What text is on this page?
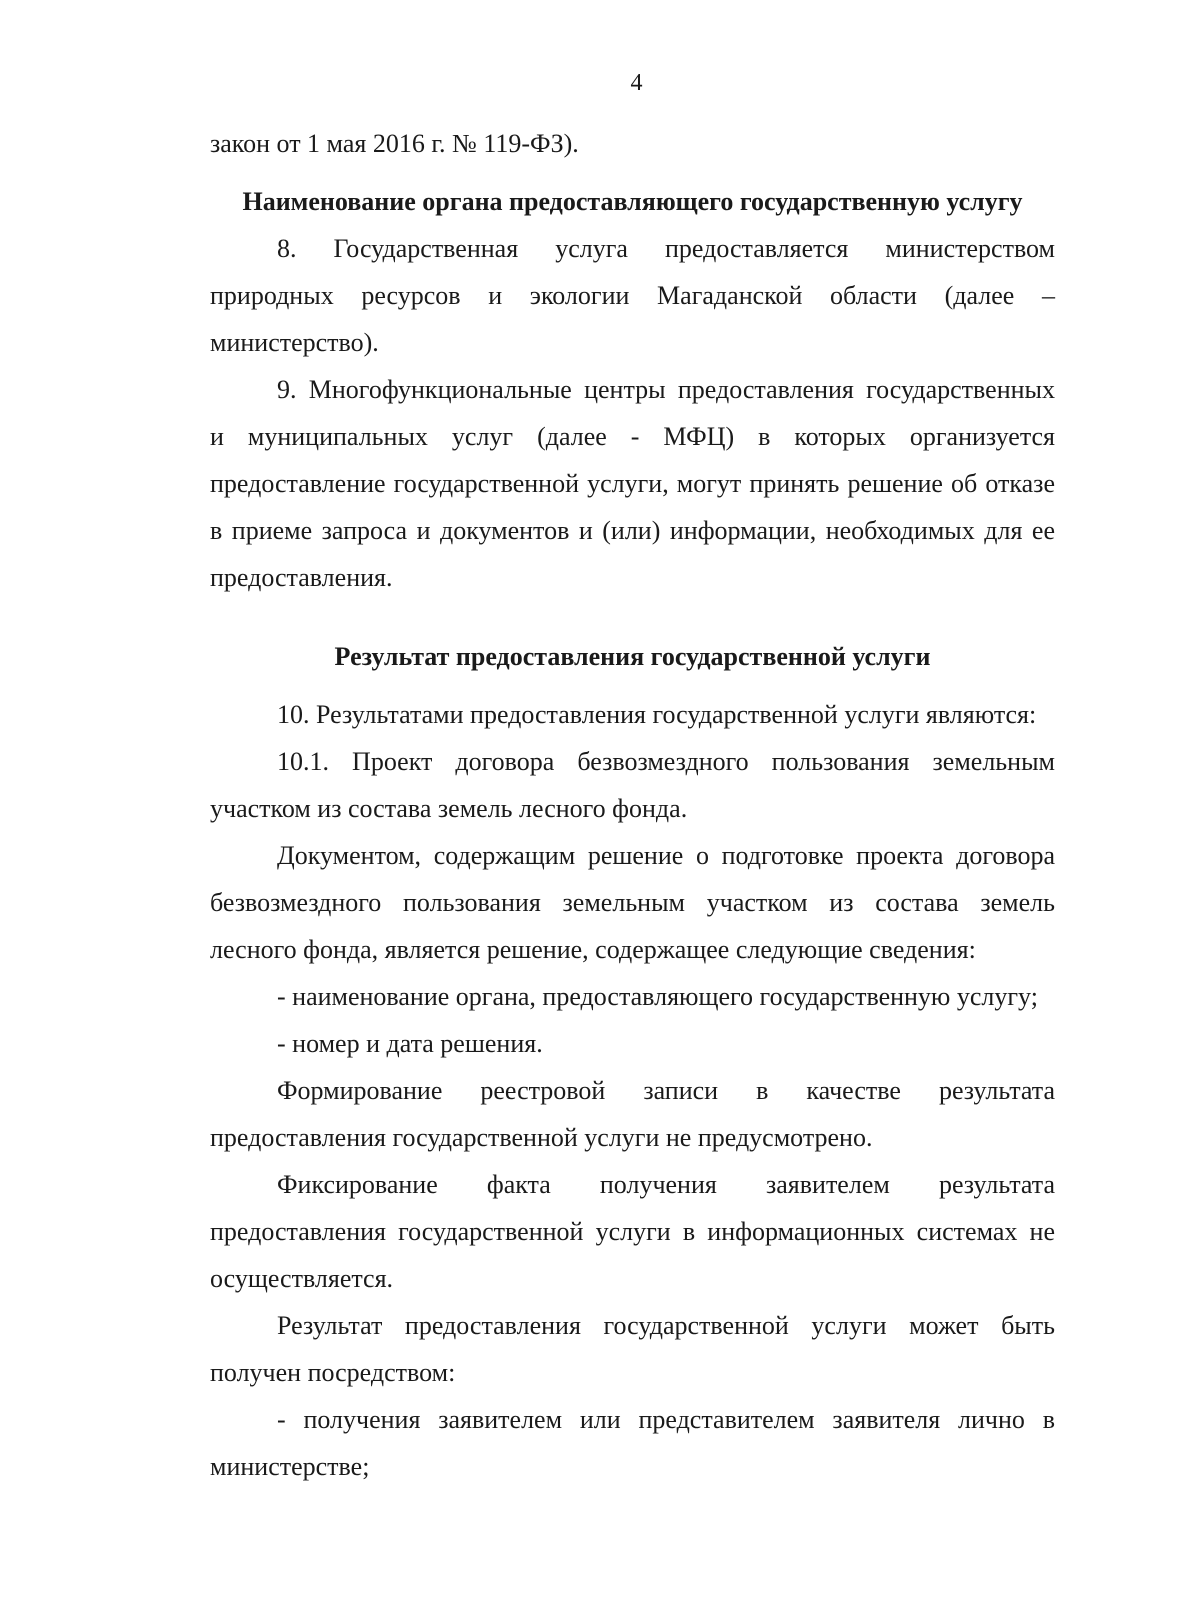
4
закон от 1 мая 2016 г. № 119-ФЗ).
Наименование органа предоставляющего государственную услугу
8. Государственная услуга предоставляется министерством
природных ресурсов и экологии Магаданской области (далее –
министерство).
9. Многофункциональные центры предоставления государственных
и муниципальных услуг (далее - МФЦ) в которых организуется
предоставление государственной услуги, могут принять решение об отказе
в приеме запроса и документов и (или) информации, необходимых для ее
предоставления.
Результат предоставления государственной услуги
10. Результатами предоставления государственной услуги являются:
10.1. Проект договора безвозмездного пользования земельным
участком из состава земель лесного фонда.
Документом, содержащим решение о подготовке проекта договора
безвозмездного пользования земельным участком из состава земель
лесного фонда, является решение, содержащее следующие сведения:
- наименование органа, предоставляющего государственную услугу;
- номер и дата решения.
Формирование реестровой записи в качестве результата
предоставления государственной услуги не предусмотрено.
Фиксирование факта получения заявителем результата
предоставления государственной услуги в информационных системах не
осуществляется.
Результат предоставления государственной услуги может быть
получен посредством:
- получения заявителем или представителем заявителя лично в
министерстве;
